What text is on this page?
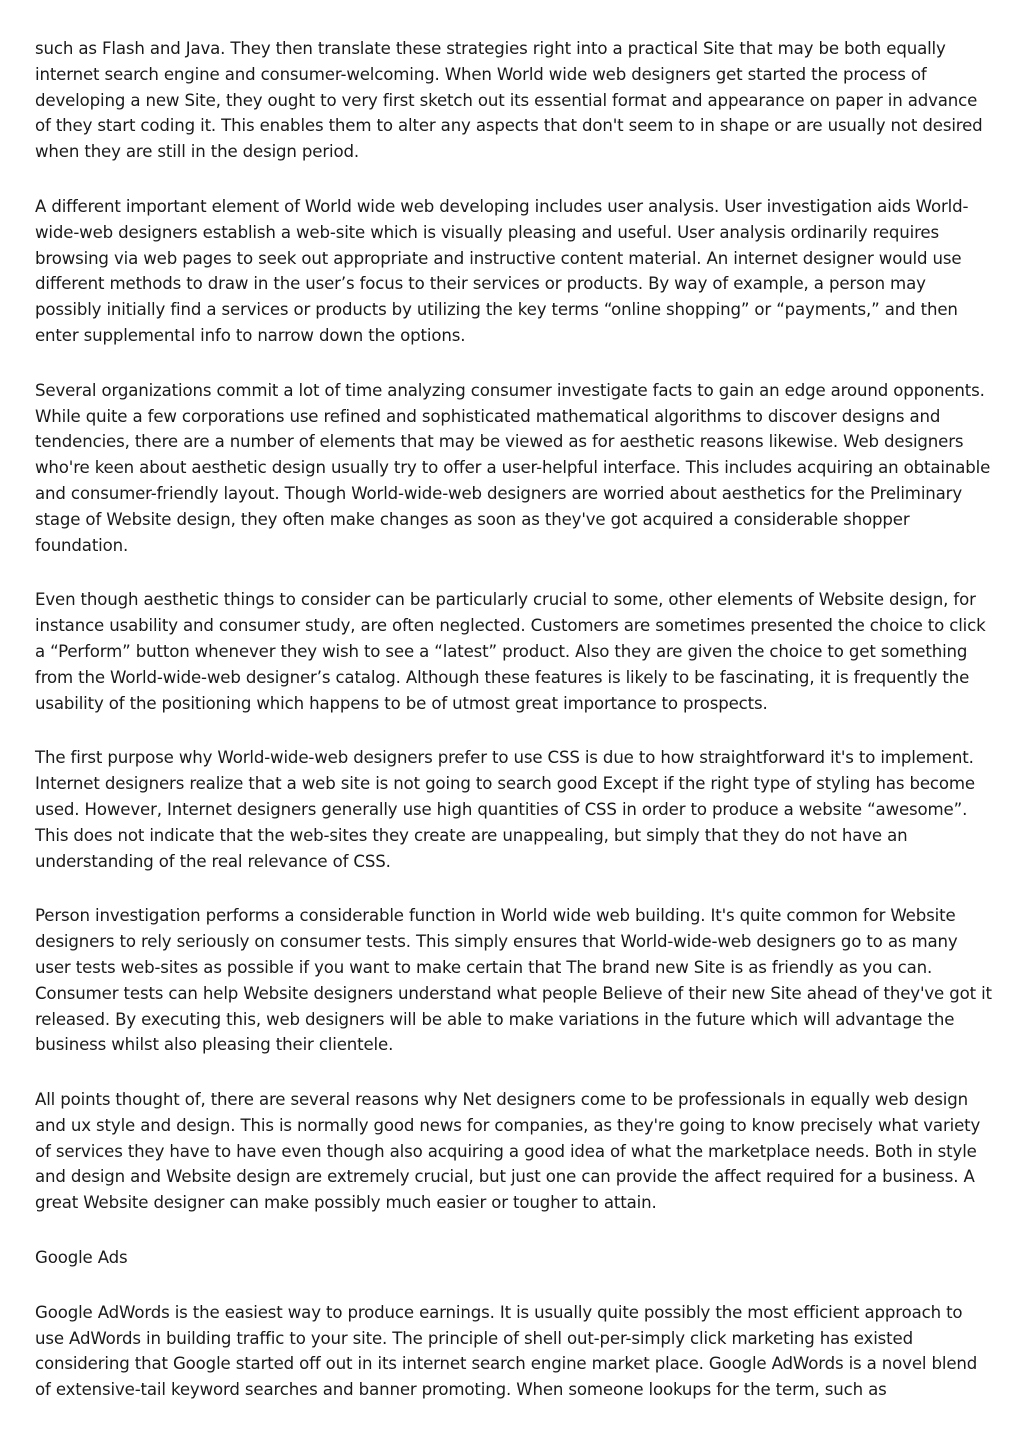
such as Flash and Java. They then translate these strategies right into a practical Site that may be both equally internet search engine and consumer-welcoming. When World wide web designers get started the process of developing a new Site, they ought to very first sketch out its essential format and appearance on paper in advance of they start coding it. This enables them to alter any aspects that don't seem to in shape or are usually not desired when they are still in the design period.

A different important element of World wide web developing includes user analysis. User investigation aids World-wide-web designers establish a web-site which is visually pleasing and useful. User analysis ordinarily requires browsing via web pages to seek out appropriate and instructive content material. An internet designer would use different methods to draw in the user’s focus to their services or products. By way of example, a person may possibly initially find a services or products by utilizing the key terms “online shopping” or “payments,” and then enter supplemental info to narrow down the options.

Several organizations commit a lot of time analyzing consumer investigate facts to gain an edge around opponents. While quite a few corporations use refined and sophisticated mathematical algorithms to discover designs and tendencies, there are a number of elements that may be viewed as for aesthetic reasons likewise. Web designers who're keen about aesthetic design usually try to offer a user-helpful interface. This includes acquiring an obtainable and consumer-friendly layout. Though World-wide-web designers are worried about aesthetics for the Preliminary stage of Website design, they often make changes as soon as they've got acquired a considerable shopper foundation.

Even though aesthetic things to consider can be particularly crucial to some, other elements of Website design, for instance usability and consumer study, are often neglected. Customers are sometimes presented the choice to click a “Perform” button whenever they wish to see a “latest” product. Also they are given the choice to get something from the World-wide-web designer’s catalog. Although these features is likely to be fascinating, it is frequently the usability of the positioning which happens to be of utmost great importance to prospects.

The first purpose why World-wide-web designers prefer to use CSS is due to how straightforward it's to implement. Internet designers realize that a web site is not going to search good Except if the right type of styling has become used. However, Internet designers generally use high quantities of CSS in order to produce a website “awesome”. This does not indicate that the web-sites they create are unappealing, but simply that they do not have an understanding of the real relevance of CSS.

Person investigation performs a considerable function in World wide web building. It's quite common for Website designers to rely seriously on consumer tests. This simply ensures that World-wide-web designers go to as many user tests web-sites as possible if you want to make certain that The brand new Site is as friendly as you can. Consumer tests can help Website designers understand what people Believe of their new Site ahead of they've got it released. By executing this, web designers will be able to make variations in the future which will advantage the business whilst also pleasing their clientele.

All points thought of, there are several reasons why Net designers come to be professionals in equally web design and ux style and design. This is normally good news for companies, as they're going to know precisely what variety of services they have to have even though also acquiring a good idea of what the marketplace needs. Both in style and design and Website design are extremely crucial, but just one can provide the affect required for a business. A great Website designer can make possibly much easier or tougher to attain.

Google Ads

Google AdWords is the easiest way to produce earnings. It is usually quite possibly the most efficient approach to use AdWords in building traffic to your site. The principle of shell out-per-simply click marketing has existed considering that Google started off out in its internet search engine market place. Google AdWords is a novel blend of extensive-tail keyword searches and banner promoting. When someone lookups for the term, such as
